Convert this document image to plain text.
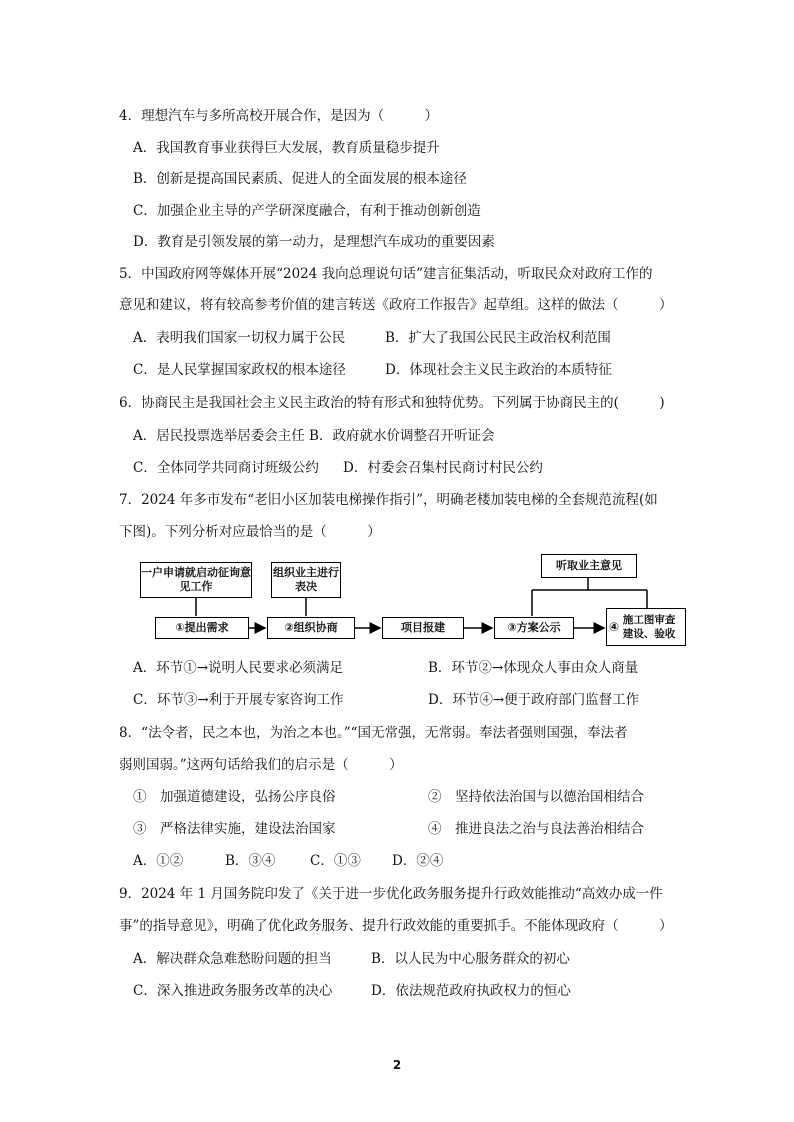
4．理想汽车与多所高校开展合作，是因为（　　　）
A．我国教育事业获得巨大发展，教育质量稳步提升
B．创新是提高国民素质、促进人的全面发展的根本途径
C．加强企业主导的产学研深度融合，有利于推动创新创造
D．教育是引领发展的第一动力，是理想汽车成功的重要因素
5．中国政府网等媒体开展“2024 我向总理说句话”建言征集活动，听取民众对政府工作的
意见和建议，将有较高参考价值的建言转送《政府工作报告》起草组。这样的做法（　　　）
A．表明我们国家一切权力属于公民	B．扩大了我国公民民主政治权利范围
C．是人民掌握国家政权的根本途径	D．体现社会主义民主政治的本质特征
6．协商民主是我国社会主义民主政治的特有形式和独特优势。下列属于协商民主的(　　　)
A．居民投票选举居委会主任 B．政府就水价调整召开听证会
C．全体同学共同商讨班级公约 D．村委会召集村民商讨村民公约
7．2024 年多市发布“老旧小区加装电梯操作指引”，明确老楼加装电梯的全套规范流程(如
下图)。下列分析对应最恰当的是（　　　）
一户申请就启动征询意见工作
组织业主进行表决
听取业主意见
①提出需求	②组织协商	项目报建	③方案公示	④ 施工图审查建设、验收
A．环节①→说明人民要求必须满足	B．环节②→体现众人事由众人商量
C．环节③→利于开展专家咨询工作	D．环节④→便于政府部门监督工作
8．“法令者，民之本也，为治之本也。”“国无常强，无常弱。奉法者强则国强，奉法者
弱则国弱。”这两句话给我们的启示是（　　　）
①　加强道德建设，弘扬公序良俗	②　坚持依法治国与以德治国相结合
③　严格法律实施，建设法治国家	④　推进良法之治与良法善治相结合
A．①②	B．③④	C．①③ D．②④
9．2024 年 1 月国务院印发了《关于进一步优化政务服务提升行政效能推动“高效办成一件
事”的指导意见》，明确了优化政务服务、提升行政效能的重要抓手。不能体现政府（　　　）
A．解决群众急难愁盼问题的担当	B．以人民为中心服务群众的初心
C．深入推进政务服务改革的决心	D．依法规范政府执政权力的恒心
2
